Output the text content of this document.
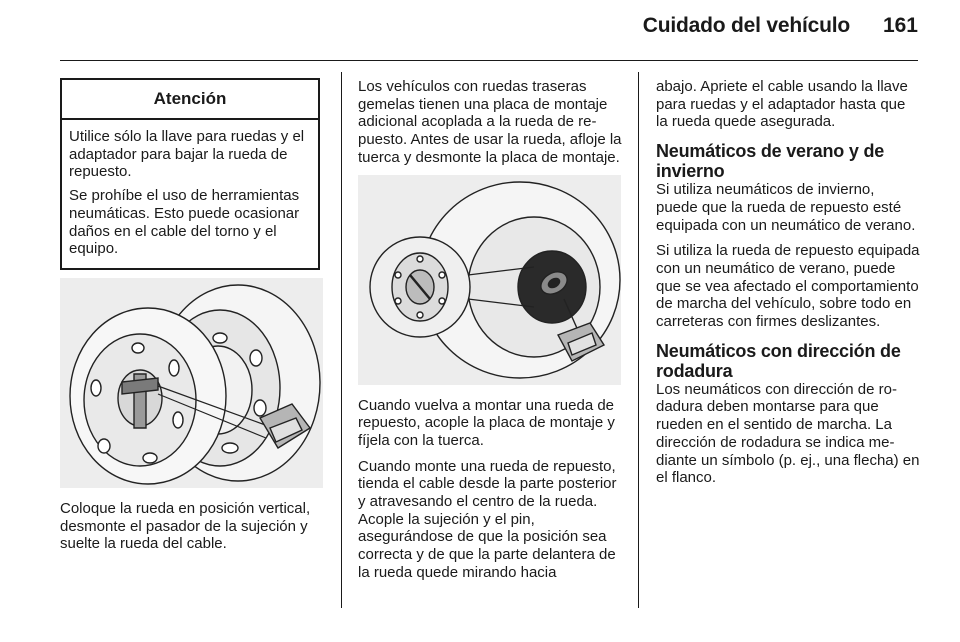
Cuidado del vehículo 161
Atención

Utilice sólo la llave para ruedas y el adaptador para bajar la rueda de repuesto.

Se prohíbe el uso de herramientas neumáticas. Esto puede ocasionar daños en el cable del torno y el equipo.

Coloque la rueda en posición vertical, desmonte el pasador de la sujeción y suelte la rueda del cable.

Los vehículos con ruedas traseras gemelas tienen una placa de montaje adicional acoplada a la rueda de repuesto. Antes de usar la rueda, afloje la tuerca y desmonte la placa de montaje.

Cuando vuelva a montar una rueda de repuesto, acople la placa de montaje y fíjela con la tuerca.

Cuando monte una rueda de repuesto, tienda el cable desde la parte posterior y atravesando el centro de la rueda. Acople la sujeción y el pin, asegurándose de que la posición sea correcta y de que la parte delantera de la rueda quede mirando hacia

abajo. Apriete el cable usando la llave para ruedas y el adaptador hasta que la rueda quede asegurada.

Neumáticos de verano y de invierno

Si utiliza neumáticos de invierno, puede que la rueda de repuesto esté equipada con un neumático de verano.

Si utiliza la rueda de repuesto equipada con un neumático de verano, puede que se vea afectado el comportamiento de marcha del vehículo, sobre todo en carreteras con firmes deslizantes.

Neumáticos con dirección de rodadura

Los neumáticos con dirección de rodadura deben montarse para que rueden en el sentido de marcha. La dirección de rodadura se indica mediante un símbolo (p. ej., una flecha) en el flanco.
